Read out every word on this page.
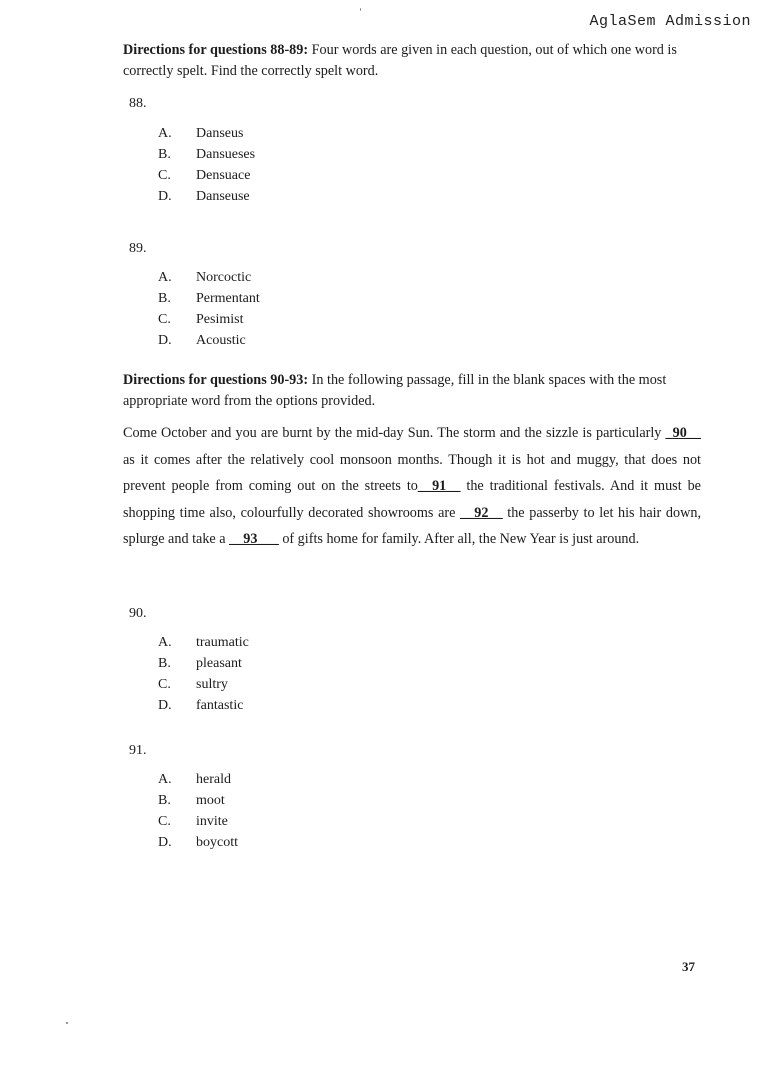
AglaSem Admission
Directions for questions 88-89: Four words are given in each question, out of which one word is correctly spelt. Find the correctly spelt word.
88.
A.	Danseus
B.	Dansueses
C.	Densuace
D.	Danseuse
89.
A.	Norcoctic
B.	Permentant
C.	Pesimist
D.	Acoustic
Directions for questions 90-93: In the following passage, fill in the blank spaces with the most appropriate word from the options provided.
Come October and you are burnt by the mid-day Sun. The storm and the sizzle is particularly _90__ as it comes after the relatively cool monsoon months. Though it is hot and muggy, that does not prevent people from coming out on the streets to__91__ the traditional festivals. And it must be shopping time also, colourfully decorated showrooms are __92__ the passerby to let his hair down, splurge and take a __93___ of gifts home for family. After all, the New Year is just around.
90.
A.	traumatic
B.	pleasant
C.	sultry
D.	fantastic
91.
A.	herald
B.	moot
C.	invite
D.	boycott
37
